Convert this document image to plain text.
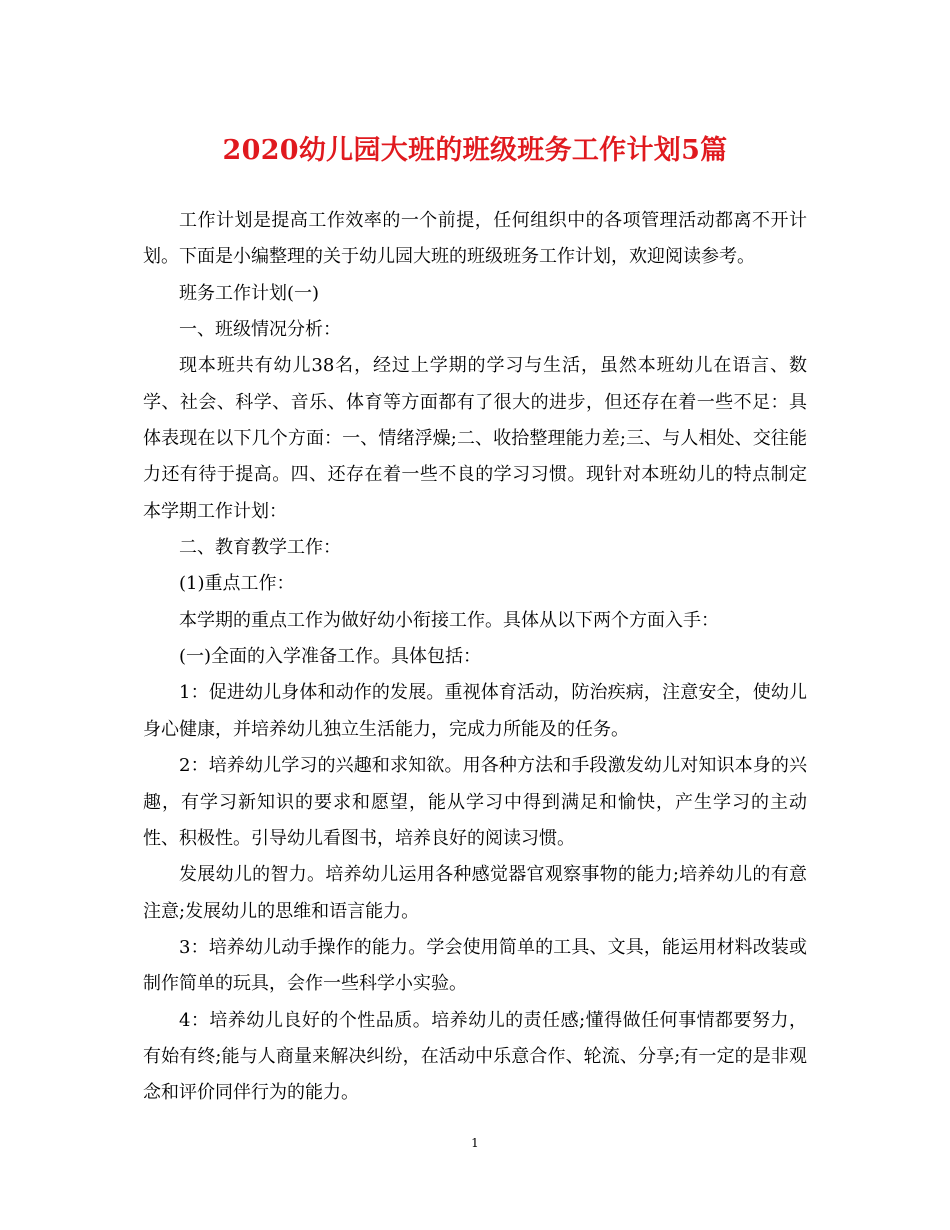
2020幼儿园大班的班级班务工作计划5篇

工作计划是提高工作效率的一个前提，任何组织中的各项管理活动都离不开计划。下面是小编整理的关于幼儿园大班的班级班务工作计划，欢迎阅读参考。

班务工作计划(一)

一、班级情况分析：

现本班共有幼儿38名，经过上学期的学习与生活，虽然本班幼儿在语言、数学、社会、科学、音乐、体育等方面都有了很大的进步，但还存在着一些不足：具体表现在以下几个方面：一、情绪浮燥;二、收拾整理能力差;三、与人相处、交往能力还有待于提高。四、还存在着一些不良的学习习惯。现针对本班幼儿的特点制定本学期工作计划：

二、教育教学工作：

(1)重点工作：

本学期的重点工作为做好幼小衔接工作。具体从以下两个方面入手：

(一)全面的入学准备工作。具体包括：

1：促进幼儿身体和动作的发展。重视体育活动，防治疾病，注意安全，使幼儿身心健康，并培养幼儿独立生活能力，完成力所能及的任务。

2：培养幼儿学习的兴趣和求知欲。用各种方法和手段激发幼儿对知识本身的兴趣，有学习新知识的要求和愿望，能从学习中得到满足和愉快，产生学习的主动性、积极性。引导幼儿看图书，培养良好的阅读习惯。

发展幼儿的智力。培养幼儿运用各种感觉器官观察事物的能力;培养幼儿的有意注意;发展幼儿的思维和语言能力。

3：培养幼儿动手操作的能力。学会使用简单的工具、文具，能运用材料改装或制作简单的玩具，会作一些科学小实验。

4：培养幼儿良好的个性品质。培养幼儿的责任感;懂得做任何事情都要努力，有始有终;能与人商量来解决纠纷，在活动中乐意合作、轮流、分享;有一定的是非观念和评价同伴行为的能力。

1
